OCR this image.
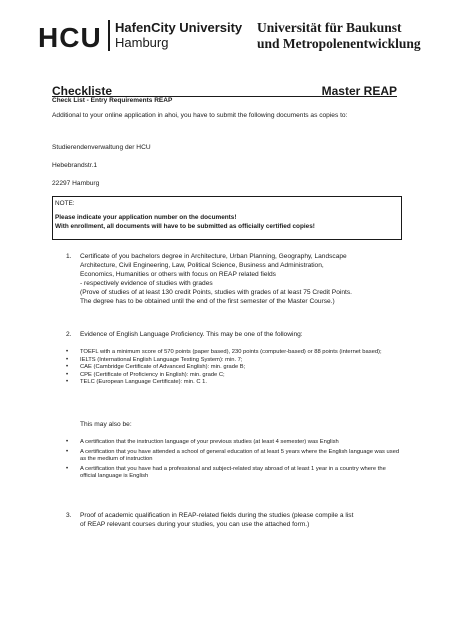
HCU HafenCity University
Hamburg
Universität für Baukunst
und Metropolenentwicklung
Checkliste	Master REAP
Check List - Entry Requirements REAP
Additional to your online application in ahoi, you have to submit the following documents as copies to:
Studierendenverwaltung der HCU
Hebebrandstr.1
22297 Hamburg
NOTE:
Please indicate your application number on the documents!
With enrollment, all documents will have to be submitted as officially certified copies!
1. Certificate of you bachelors degree in Architecture, Urban Planning, Geography, Landscape
Architecture, Civil Engineering, Law, Political Science, Business and Administration,
Economics, Humanities or others with focus on REAP related fields
- respectively evidence of studies with grades
(Prove of studies of at least 130 credit Points, studies with grades of at least 75 Credit Points.
The degree has to be obtained until the end of the first semester of the Master Course.)
2. Evidence of English Language Proficiency. This may be one of the following:
• TOEFL with a minimum score of 570 points (paper based), 230 points (computer-based) or 88 points (internet based);
• IELTS (International English Language Testing System): min. 7;
• CAE (Cambridge Certificate of Advanced English): min. grade B;
• CPE (Certificate of Proficiency in English): min. grade C;
• TELC (European Language Certificate): min. C 1.
This may also be:
• A certification that the instruction language of your previous studies (at least 4 semester) was English
• A certification that you have attended a school of general education of at least 5 years where the English language was used as the medium of instruction
• A certification that you have had a professional and subject-related stay abroad of at least 1 year in a country where the official language is English
3. Proof of academic qualification in REAP-related fields during the studies (please compile a list
of REAP relevant courses during your studies, you can use the attached form.)
